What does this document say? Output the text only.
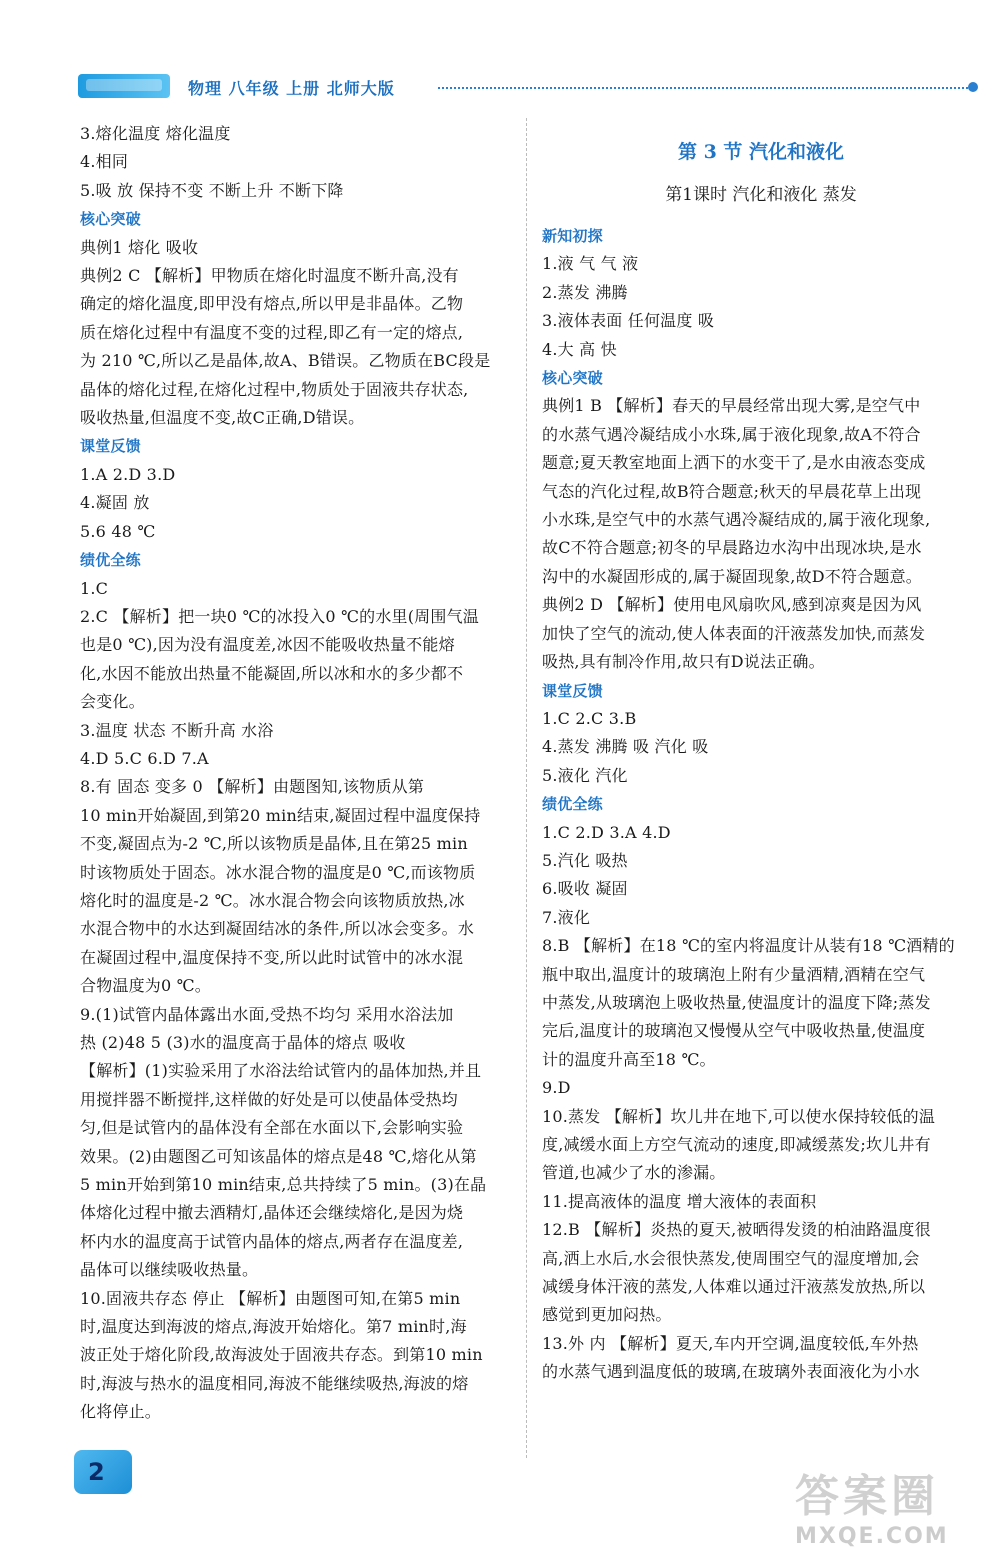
物理 八年级 上册 北师大版
3.熔化温度 熔化温度
4.相同
5.吸 放 保持不变 不断上升 不断下降
核心突破
典例1 熔化 吸收
典例2 C 【解析】甲物质在熔化时温度不断升高,没有
确定的熔化温度,即甲没有熔点,所以甲是非晶体。乙物
质在熔化过程中有温度不变的过程,即乙有一定的熔点,
为 210 ℃,所以乙是晶体,故A、B错误。乙物质在BC段是
晶体的熔化过程,在熔化过程中,物质处于固液共存状态,
吸收热量,但温度不变,故C正确,D错误。
课堂反馈
1.A 2.D 3.D
4.凝固 放
5.6 48 ℃
绩优全练
1.C
2.C 【解析】把一块0 ℃的冰投入0 ℃的水里(周围气温
也是0 ℃),因为没有温度差,冰因不能吸收热量不能熔
化,水因不能放出热量不能凝固,所以冰和水的多少都不
会变化。
3.温度 状态 不断升高 水浴
4.D 5.C 6.D 7.A
8.有 固态 变多 0 【解析】由题图知,该物质从第
10 min开始凝固,到第20 min结束,凝固过程中温度保持
不变,凝固点为-2 ℃,所以该物质是晶体,且在第25 min
时该物质处于固态。冰水混合物的温度是0 ℃,而该物质
熔化时的温度是-2 ℃。冰水混合物会向该物质放热,冰
水混合物中的水达到凝固结冰的条件,所以冰会变多。水
在凝固过程中,温度保持不变,所以此时试管中的冰水混
合物温度为0 ℃。
9.(1)试管内晶体露出水面,受热不均匀 采用水浴法加
热 (2)48 5 (3)水的温度高于晶体的熔点 吸收
【解析】(1)实验采用了水浴法给试管内的晶体加热,并且
用搅拌器不断搅拌,这样做的好处是可以使晶体受热均
匀,但是试管内的晶体没有全部在水面以下,会影响实验
效果。(2)由题图乙可知该晶体的熔点是48 ℃,熔化从第
5 min开始到第10 min结束,总共持续了5 min。(3)在晶
体熔化过程中撤去酒精灯,晶体还会继续熔化,是因为烧
杯内水的温度高于试管内晶体的熔点,两者存在温度差,
晶体可以继续吸收热量。
10.固液共存态 停止 【解析】由题图可知,在第5 min
时,温度达到海波的熔点,海波开始熔化。第7 min时,海
波正处于熔化阶段,故海波处于固液共存态。到第10 min
时,海波与热水的温度相同,海波不能继续吸热,海波的熔
化将停止。
第 3 节 汽化和液化
第1课时 汽化和液化 蒸发
新知初探
1.液 气 气 液
2.蒸发 沸腾
3.液体表面 任何温度 吸
4.大 高 快
核心突破
典例1 B 【解析】春天的早晨经常出现大雾,是空气中
的水蒸气遇冷凝结成小水珠,属于液化现象,故A不符合
题意;夏天教室地面上洒下的水变干了,是水由液态变成
气态的汽化过程,故B符合题意;秋天的早晨花草上出现
小水珠,是空气中的水蒸气遇冷凝结成的,属于液化现象,
故C不符合题意;初冬的早晨路边水沟中出现冰块,是水
沟中的水凝固形成的,属于凝固现象,故D不符合题意。
典例2 D 【解析】使用电风扇吹风,感到凉爽是因为风
加快了空气的流动,使人体表面的汗液蒸发加快,而蒸发
吸热,具有制冷作用,故只有D说法正确。
课堂反馈
1.C 2.C 3.B
4.蒸发 沸腾 吸 汽化 吸
5.液化 汽化
绩优全练
1.C 2.D 3.A 4.D
5.汽化 吸热
6.吸收 凝固
7.液化
8.B 【解析】在18 ℃的室内将温度计从装有18 ℃酒精的
瓶中取出,温度计的玻璃泡上附有少量酒精,酒精在空气
中蒸发,从玻璃泡上吸收热量,使温度计的温度下降;蒸发
完后,温度计的玻璃泡又慢慢从空气中吸收热量,使温度
计的温度升高至18 ℃。
9.D
10.蒸发 【解析】坎儿井在地下,可以使水保持较低的温
度,减缓水面上方空气流动的速度,即减缓蒸发;坎儿井有
管道,也减少了水的渗漏。
11.提高液体的温度 增大液体的表面积
12.B 【解析】炎热的夏天,被晒得发烫的柏油路温度很
高,洒上水后,水会很快蒸发,使周围空气的湿度增加,会
减缓身体汗液的蒸发,人体难以通过汗液蒸发放热,所以
感觉到更加闷热。
13.外 内 【解析】夏天,车内开空调,温度较低,车外热
的水蒸气遇到温度低的玻璃,在玻璃外表面液化为小水
2	答案圈
MXQE.COM
